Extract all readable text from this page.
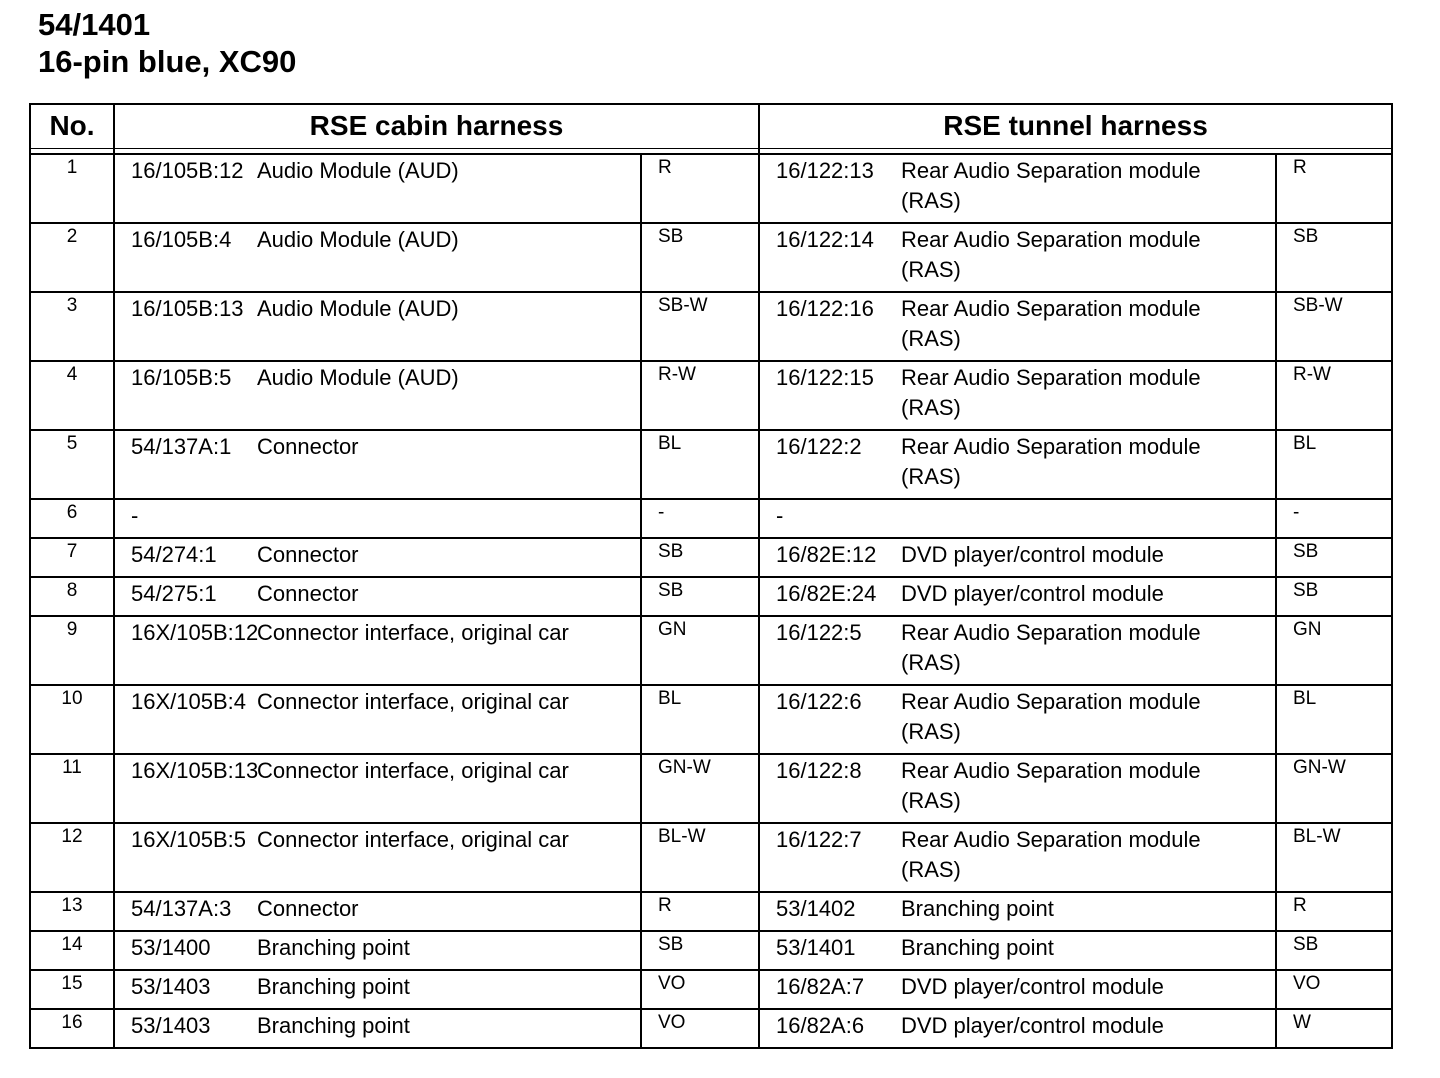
54/1401
16-pin blue, XC90
No.	RSE cabin harness			RSE tunnel harness		

1	16/105B:12	Audio Module (AUD)	R	16/122:13	Rear Audio Separation module (RAS)	R
2	16/105B:4	Audio Module (AUD)	SB	16/122:14	Rear Audio Separation module (RAS)	SB
3	16/105B:13	Audio Module (AUD)	SB-W	16/122:16	Rear Audio Separation module (RAS)	SB-W
4	16/105B:5	Audio Module (AUD)	R-W	16/122:15	Rear Audio Separation module (RAS)	R-W
5	54/137A:1	Connector	BL	16/122:2	Rear Audio Separation module (RAS)	BL
6	-		-	-		-
7	54/274:1	Connector	SB	16/82E:12	DVD player/control module	SB
8	54/275:1	Connector	SB	16/82E:24	DVD player/control module	SB
9	16X/105B:12	Connector interface, original car	GN	16/122:5	Rear Audio Separation module (RAS)	GN
10	16X/105B:4	Connector interface, original car	BL	16/122:6	Rear Audio Separation module (RAS)	BL
11	16X/105B:13	Connector interface, original car	GN-W	16/122:8	Rear Audio Separation module (RAS)	GN-W
12	16X/105B:5	Connector interface, original car	BL-W	16/122:7	Rear Audio Separation module (RAS)	BL-W
13	54/137A:3	Connector	R	53/1402	Branching point	R
14	53/1400	Branching point	SB	53/1401	Branching point	SB
15	53/1403	Branching point	VO	16/82A:7	DVD player/control module	VO
16	53/1403	Branching point	VO	16/82A:6	DVD player/control module	W
